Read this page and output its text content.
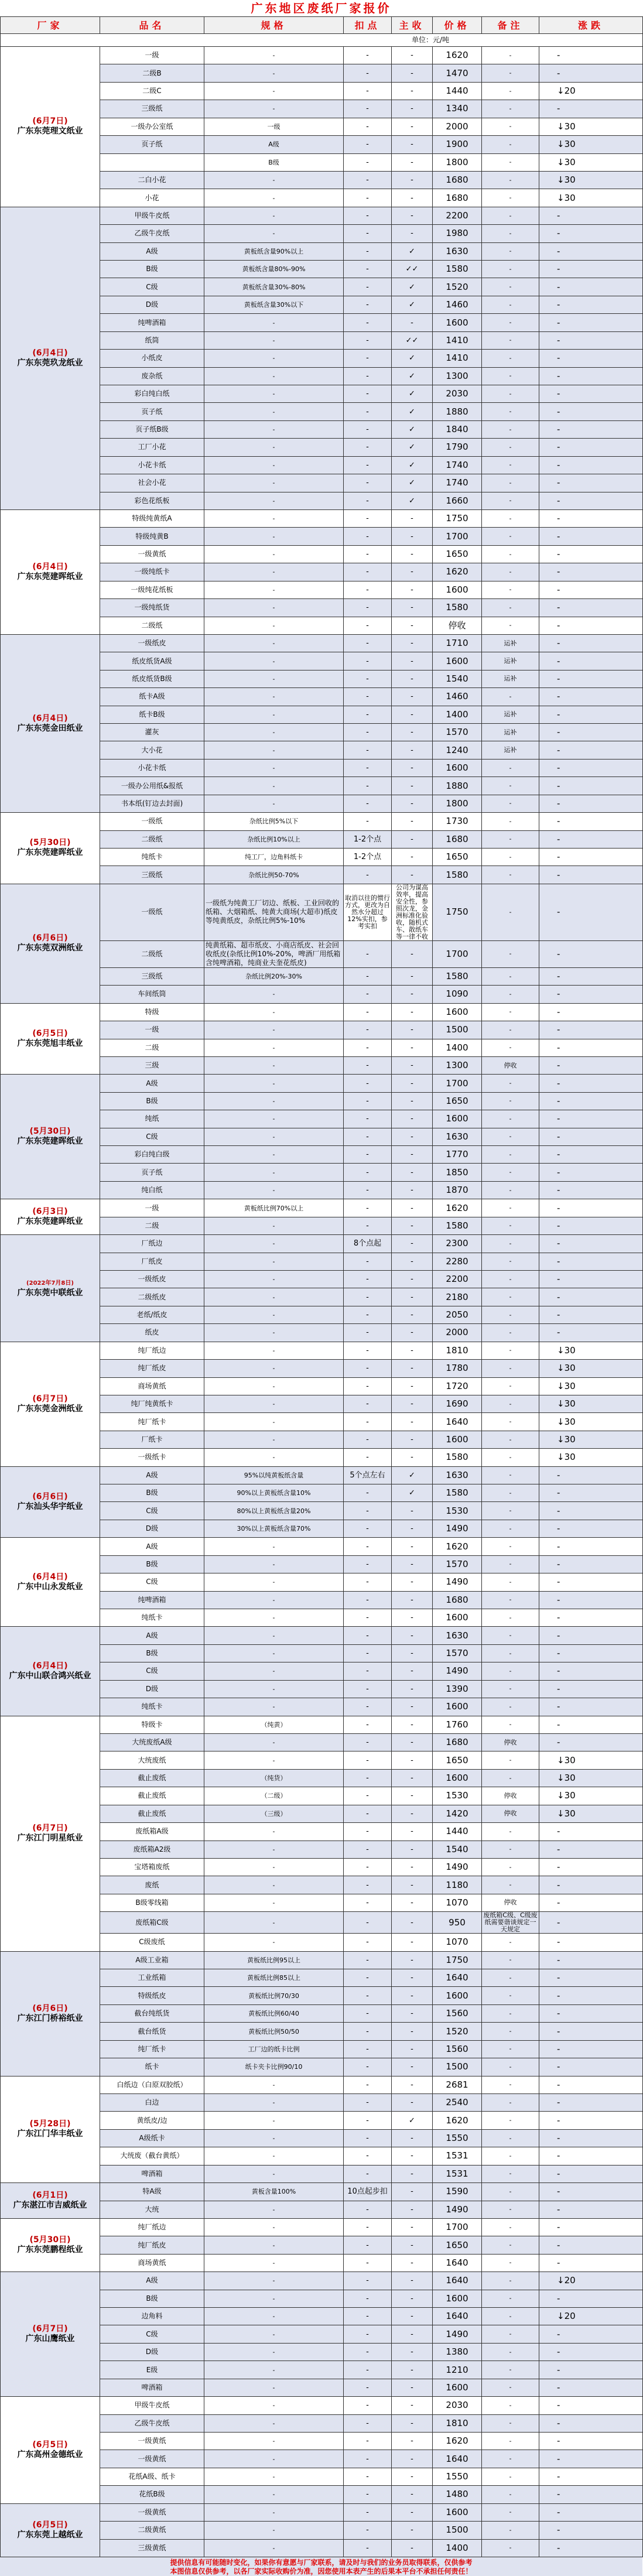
广东地区废纸厂家报价
厂家	品名	规格	扣点	主收	价格	备注	涨跌
单位：元/吨							

(6月7日)
广东东莞理文纸业	一级	-	-	-	1620	-	-
	二级B	-	-	-	1470	-	-
	二级C	-	-	-	1440	-	↓20
	三级纸	-	-	-	1340	-	-
	一级办公室纸	一级	-	-	2000	-	↓30
	页子纸	A级	-	-	1900	-	↓30
		B级	-	-	1800	-	↓30
	二白小花	-	-	-	1680	-	↓30
	小花	-	-	-	1680	-	↓30

(6月4日)
广东东莞玖龙纸业	甲级牛皮纸	-	-	-	2200	-	-
	乙级牛皮纸	-	-	-	1980	-	-
	A级	黄板纸含量90%以上	-	✓	1630	-	-
	B级	黄板纸含量80%-90%	-	✓✓	1580	-	-
	C级	黄板纸含量30%-80%	-	✓	1520	-	-
	D级	黄板纸含量30%以下	-	✓	1460	-	-
	纯啤酒箱	-	-	-	1600	-	-
	纸筒	-	-	✓✓	1410	-	-
	小纸皮	-	-	✓	1410	-	-
	废杂纸	-	-	✓	1300	-	-
	彩白纯白纸	-	-	✓	2030	-	-
	页子纸	-	-	✓	1880	-	-
	页子纸B级	-	-	✓	1840	-	-
	工厂小花	-	-	✓	1790	-	-
	小花卡纸	-	-	✓	1740	-	-
	社会小花	-	-	✓	1740	-	-
	彩色花纸板	-	-	✓	1660	-	-

(6月4日)
广东东莞建晖纸业	特级纯黄纸A	-	-	-	1750	-	-
	特级纯黄B	-	-	-	1700	-	-
	一级黄纸	-	-	-	1650	-	-
	一级纯纸卡	-	-	-	1620	-	-
	一级纯花纸板	-	-	-	1600	-	-
	一级纯纸货	-	-	-	1580	-	-
	二级纸	-	-	-	停收	-	-

(6月4日)
广东东莞金田纸业	一级纸皮	-	-	-	1710	运补	-
	纸皮纸货A级	-	-	-	1600	运补	-
	纸皮纸货B级	-	-	-	1540	运补	-
	纸卡A级	-	-	-	1460	-	-
	纸卡B级	-	-	-	1400	运补	-
	灌灰	-	-	-	1570	运补	-
	大小花	-	-	-	1240	运补	-
	小花卡纸	-	-	-	1600	-	-
	一级办公用纸&报纸	-	-	-	1880	-	-
	书本纸(钉边去封面)	-	-	-	1800	-	-

(5月30日)
广东东莞建晖纸业	一级纸	杂纸比例5%以下	-	-	1730	-	-
	二级纸	杂纸比例10%以上	1-2个点	-	1680	-	-
	纯纸卡	纯工厂，边角料纸卡	1-2个点	-	1650	-	-
	三级纸	杂纸比例50-70%	-	-	1580	-	-

(6月6日)
广东东莞双洲纸业	一级纸	一级纸为纯黄工厂切边、纸板、工业回收的纸箱、大烟箱纸、纯黄大商场(大超市)纸皮等纯黄纸皮，杂纸比例5%-10%	取消以往的惯行方式，更改为自然水分超过12%实扣，参考实扣	公司为谋高效率，提高安全性，参照次龙，金洲标准化验收，随机式车、散纸车等一律不收	1750	-	-
	二级纸	纯黄纸箱、超市纸皮、小商店纸皮、社会回收纸皮(杂纸比例10%-20%，啤酒厂用纸箱含纯啤酒箱，纯商业夫奎花纸皮)	-	-	1700	-	-
	三级纸	杂纸比例20%-30%	-	-	1580	-	-
	车间纸筒	-	-	-	1090	-	-

(6月5日)
广东东莞旭丰纸业	特级	-	-	-	1600	-	-
	一级	-	-	-	1500	-	-
	二级	-	-	-	1400	-	-
	三级	-	-	-	1300	停收	-

(5月30日)
广东东莞建晖纸业	A级	-	-	-	1700	-	-
	B级	-	-	-	1650	-	-
	纯纸	-	-	-	1600	-	-
	C级	-	-	-	1630	-	-
	彩白纯白级	-	-	-	1770	-	-
	页子纸	-	-	-	1850	-	-
	纯白纸	-	-	-	1870	-	-

(6月3日)
广东东莞建晖纸业	一级	黄板纸比例70%以上	-	-	1620	-	-
	二级	-	-	-	1580	-	-

(2022年7月8日)
广东东莞中联纸业	厂纸边	-	8个点起	-	2300	-	-
	厂纸皮	-	-	-	2280	-	-
	一级纸皮	-	-	-	2200	-	-
	二级纸皮	-	-	-	2180	-	-
	老纸/纸皮	-	-	-	2050	-	-
	纸皮	-	-	-	2000	-	-

(6月7日)
广东东莞金洲纸业	纯厂纸边	-	-	-	1810	-	↓30
	纯厂纸皮	-	-	-	1780	-	↓30
	商场黄纸	-	-	-	1720	-	↓30
	纯厂纯黄纸卡	-	-	-	1690	-	↓30
	纯厂纸卡	-	-	-	1640	-	↓30
	厂纸卡	-	-	-	1600	-	↓30
	一级纸卡	-	-	-	1580	-	↓30

(6月6日)
广东汕头华宇纸业	A级	95%以纯黄板纸含量	5个点左右	✓	1630	-	-
	B级	90%以上黄板纸含量10%	-	✓	1580	-	-
	C级	80%以上黄板纸含量20%	-	-	1530	-	-
	D级	30%以上黄板纸含量70%	-	-	1490	-	-

(6月4日)
广东中山永发纸业	A级	-	-	-	1620	-	-
	B级	-	-	-	1570	-	-
	C级	-	-	-	1490	-	-
	纯啤酒箱	-	-	-	1680	-	-
	纯纸卡	-	-	-	1600	-	-

(6月4日)
广东中山联合鸿兴纸业	A级	-	-	-	1630	-	-
	B级	-	-	-	1570	-	-
	C级	-	-	-	1490	-	-
	D级	-	-	-	1390	-	-
	纯纸卡	-	-	-	1600	-	-

(6月7日)
广东江门明星纸业	特级卡	（纯黄）	-	-	1760	-	-
	大统废纸A级	-	-	-	1680	停收	-
	大统废纸	-	-	-	1650	-	↓30
	截止废纸	（纯货）	-	-	1600	-	↓30
	截止废纸	（二级）	-	-	1530	停收	↓30
	截止废纸	（三级）	-	-	1420	停收	↓30
	废纸箱A级	-	-	-	1440	-	-
	废纸箱A2级	-	-	-	1540	-	-
	宝塔箱废纸	-	-	-	1490	-	-
	废纸	-	-	-	1180	-	-
	B级零线箱	-	-	-	1070	停收	-
	废纸箱C级	-	-	-	950	废纸箱C级、C级废纸需要谐谈规定一天规定	-
	C级废纸	-	-	-	1070	-	-

(6月6日)
广东江门桥裕纸业	A级工业箱	黄板纸比例95以上	-	-	1750	-	-
	工业纸箱	黄板纸比例85以上	-	-	1640	-	-
	特级纸皮	黄板纸比例70/30	-	-	1600	-	-
	截台纯纸货	黄板纸比例60/40	-	-	1560	-	-
	截台纸货	黄板纸比例50/50	-	-	1520	-	-
	纯厂纸卡	工厂边的纸卡比例	-	-	1560	-	-
	纸卡	纸卡夹卡比例90/10	-	-	1500	-	-

(5月28日)
广东江门华丰纸业	白纸边（白原双胶纸）	-	-	-	2681	-	-
	白边	-	-	-	2540	-	-
	黄纸皮/边	-	-	✓	1620	-	-
	A级纸卡	-	-	-	1550	-	-
	大统废（截台黄纸）	-	-	-	1531	-	-
	啤酒箱	-	-	-	1531	-	-

(6月1日)
广东湛江市吉威纸业	特A级	黄板含量100%	10点起步扣	-	1590	-	-
	大统	-	-	-	1490	-	-

(5月30日)
广东东莞鹏程纸业	纯厂纸边	-	-	-	1700	-	-
	纯厂纸皮	-	-	-	1650	-	-
	商场黄纸	-	-	-	1640	-	-

(6月7日)
广东山鹰纸业	A级	-	-	-	1640	-	↓20
	B级	-	-	-	1600	-	-
	边角料	-	-	-	1640	-	↓20
	C级	-	-	-	1490	-	-
	D级	-	-	-	1380	-	-
	E级	-	-	-	1210	-	-
	啤酒箱	-	-	-	1600	-	-

(6月5日)
广东高州金德纸业	甲级牛皮纸	-	-	-	2030	-	-
	乙级牛皮纸	-	-	-	1810	-	-
	一级黄纸	-	-	-	1620	-	-
	一级黄纸	-	-	-	1640	-	-
	花纸A级、纸卡	-	-	-	1550	-	-
	花纸B级	-	-	-	1480	-	-

(6月5日)
广东东莞上越纸业	一级黄纸	-	-	-	1600	-	-
	二级黄纸	-	-	-	1500	-	-
	三级黄纸	-	-	-	1400	-	-
提供信息有可能随时变化，如果你有意愿与厂家联系，请及时与我们的业务员取得联系，仅供参考
本图信息仅供参考，以各厂家实际收购价为准，因您使用本表产生的后果本平台不承担任何责任！
